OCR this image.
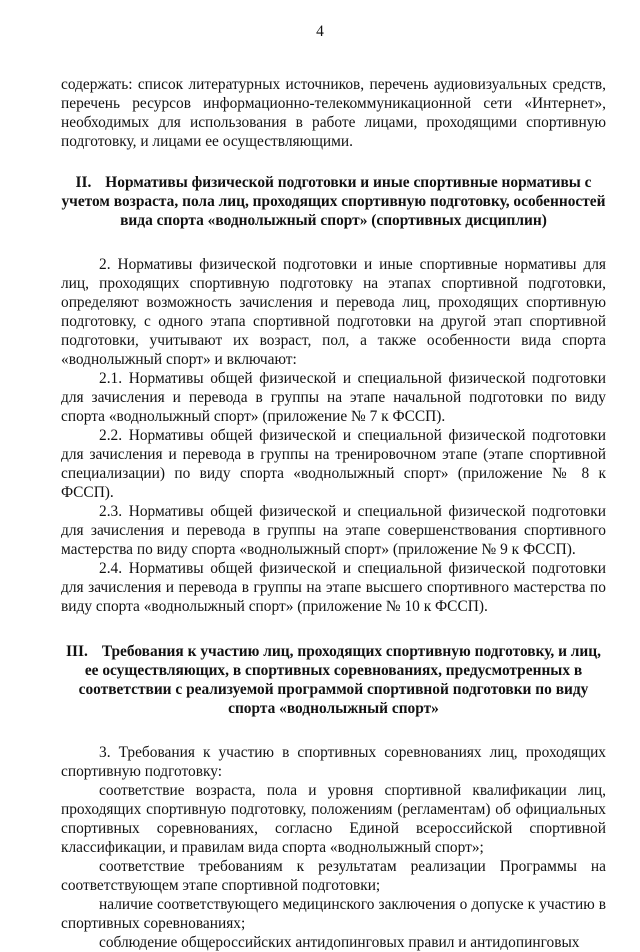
4

содержать: список литературных источников, перечень аудиовизуальных средств, перечень ресурсов информационно-телекоммуникационной сети «Интернет», необходимых для использования в работе лицами, проходящими спортивную подготовку, и лицами ее осуществляющими.

II. Нормативы физической подготовки и иные спортивные нормативы с учетом возраста, пола лиц, проходящих спортивную подготовку, особенностей вида спорта «воднолыжный спорт» (спортивных дисциплин)

2. Нормативы физической подготовки и иные спортивные нормативы для лиц, проходящих спортивную подготовку на этапах спортивной подготовки, определяют возможность зачисления и перевода лиц, проходящих спортивную подготовку, с одного этапа спортивной подготовки на другой этап спортивной подготовки, учитывают их возраст, пол, а также особенности вида спорта «воднолыжный спорт» и включают:

2.1. Нормативы общей физической и специальной физической подготовки для зачисления и перевода в группы на этапе начальной подготовки по виду спорта «воднолыжный спорт» (приложение № 7 к ФССП).

2.2. Нормативы общей физической и специальной физической подготовки для зачисления и перевода в группы на тренировочном этапе (этапе спортивной специализации) по виду спорта «воднолыжный спорт» (приложение № 8 к ФССП).

2.3. Нормативы общей физической и специальной физической подготовки для зачисления и перевода в группы на этапе совершенствования спортивного мастерства по виду спорта «воднолыжный спорт» (приложение № 9 к ФССП).

2.4. Нормативы общей физической и специальной физической подготовки для зачисления и перевода в группы на этапе высшего спортивного мастерства по виду спорта «воднолыжный спорт» (приложение № 10 к ФССП).

III. Требования к участию лиц, проходящих спортивную подготовку, и лиц, ее осуществляющих, в спортивных соревнованиях, предусмотренных в соответствии с реализуемой программой спортивной подготовки по виду спорта «воднолыжный спорт»

3. Требования к участию в спортивных соревнованиях лиц, проходящих спортивную подготовку:

соответствие возраста, пола и уровня спортивной квалификации лиц, проходящих спортивную подготовку, положениям (регламентам) об официальных спортивных соревнованиях, согласно Единой всероссийской спортивной классификации, и правилам вида спорта «воднолыжный спорт»;

соответствие требованиям к результатам реализации Программы на соответствующем этапе спортивной подготовки;

наличие соответствующего медицинского заключения о допуске к участию в спортивных соревнованиях;

соблюдение общероссийских антидопинговых правил и антидопинговых
